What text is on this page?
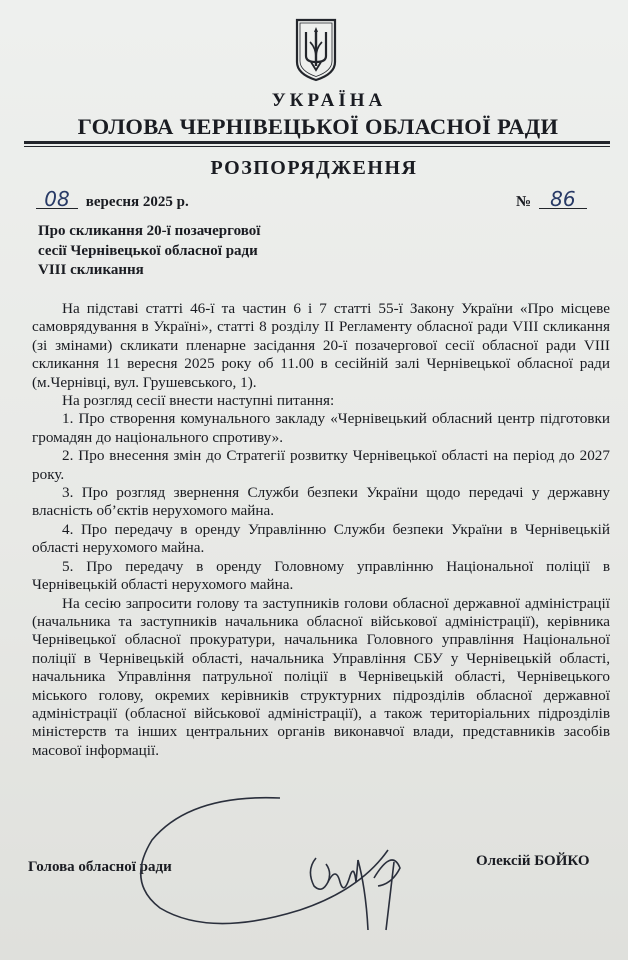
УКРАЇНА
ГОЛОВА ЧЕРНІВЕЦЬКОЇ ОБЛАСНОЇ РАДИ
РОЗПОРЯДЖЕННЯ
08 вересня 2025 р.	№ 86
Про скликання 20-ї позачергової
сесії Чернівецької обласної ради
VIII скликання

На підставі статті 46-ї та частин 6 і 7 статті 55-ї Закону України «Про місцеве самоврядування в Україні», статті 8 розділу II Регламенту обласної ради VIII скликання (зі змінами) скликати пленарне засідання 20-ї позачергової сесії обласної ради VIII скликання 11 вересня 2025 року об 11.00 в сесійній залі Чернівецької обласної ради (м.Чернівці, вул. Грушевського, 1).

На розгляд сесії внести наступні питання:

1. Про створення комунального закладу «Чернівецький обласний центр підготовки громадян до національного спротиву».

2. Про внесення змін до Стратегії розвитку Чернівецької області на період до 2027 року.

3. Про розгляд звернення Служби безпеки України щодо передачі у державну власність об’єктів нерухомого майна.

4. Про передачу в оренду Управлінню Служби безпеки України в Чернівецькій області нерухомого майна.

5. Про передачу в оренду Головному управлінню Національної поліції в Чернівецькій області нерухомого майна.

На сесію запросити голову та заступників голови обласної державної адміністрації (начальника та заступників начальника обласної військової адміністрації), керівника Чернівецької обласної прокуратури, начальника Головного управління Національної поліції в Чернівецькій області, начальника Управління СБУ у Чернівецькій області, начальника Управління патрульної поліції в Чернівецькій області, Чернівецького міського голову, окремих керівників структурних підрозділів обласної державної адміністрації (обласної військової адміністрації), а також територіальних підрозділів міністерств та інших центральних органів виконавчої влади, представників засобів масової інформації.

Голова обласної ради	Олексій БОЙКО
